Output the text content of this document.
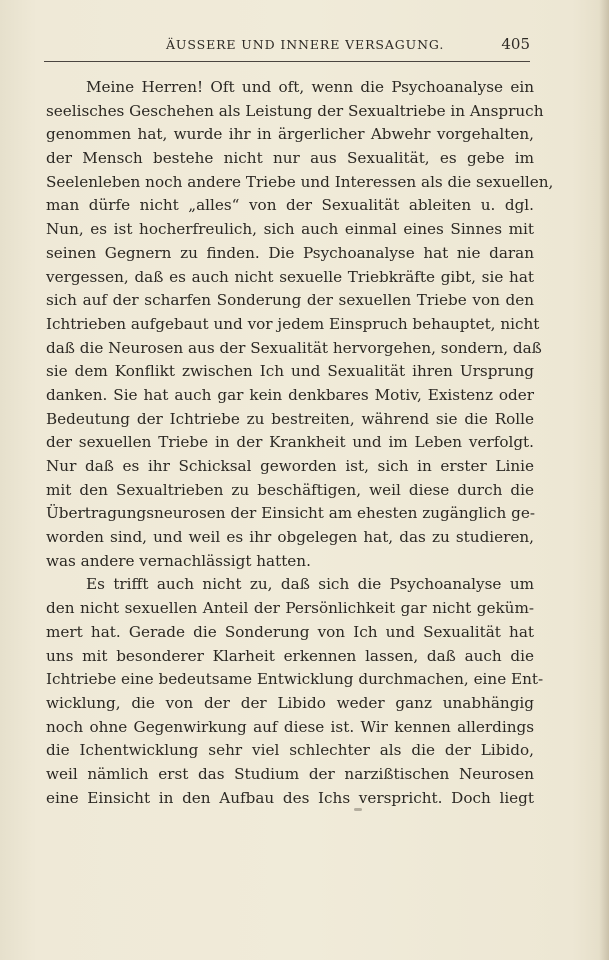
ÄUSSERE UND INNERE VERSAGUNG.	405
Meine Herren! Oft und oft, wenn die Psychoanalyse ein
seelisches Geschehen als Leistung der Sexualtriebe in Anspruch
genommen hat, wurde ihr in ärgerlicher Abwehr vorgehalten,
der Mensch bestehe nicht nur aus Sexualität, es gebe im
Seelenleben noch andere Triebe und Interessen als die sexuellen,
man dürfe nicht „alles“ von der Sexualität ableiten u. dgl.
Nun, es ist hocherfreulich, sich auch einmal eines Sinnes mit
seinen Gegnern zu finden. Die Psychoanalyse hat nie daran
vergessen, daß es auch nicht sexuelle Triebkräfte gibt, sie hat
sich auf der scharfen Sonderung der sexuellen Triebe von den
Ichtrieben aufgebaut und vor jedem Einspruch behauptet, nicht
daß die Neurosen aus der Sexualität hervorgehen, sondern, daß
sie dem Konflikt zwischen Ich und Sexualität ihren Ursprung
danken. Sie hat auch gar kein denkbares Motiv, Existenz oder
Bedeutung der Ichtriebe zu bestreiten, während sie die Rolle
der sexuellen Triebe in der Krankheit und im Leben verfolgt.
Nur daß es ihr Schicksal geworden ist, sich in erster Linie
mit den Sexualtrieben zu beschäftigen, weil diese durch die
Übertragungsneurosen der Einsicht am ehesten zugänglich ge-
worden sind, und weil es ihr obgelegen hat, das zu studieren,
was andere vernachlässigt hatten.
Es trifft auch nicht zu, daß sich die Psychoanalyse um
den nicht sexuellen Anteil der Persönlichkeit gar nicht geküm-
mert hat. Gerade die Sonderung von Ich und Sexualität hat
uns mit besonderer Klarheit erkennen lassen, daß auch die
Ichtriebe eine bedeutsame Entwicklung durchmachen, eine Ent-
wicklung, die von der der Libido weder ganz unabhängig
noch ohne Gegenwirkung auf diese ist. Wir kennen allerdings
die Ichentwicklung sehr viel schlechter als die der Libido,
weil nämlich erst das Studium der narzißtischen Neurosen
eine Einsicht in den Aufbau des Ichs verspricht. Doch liegt
